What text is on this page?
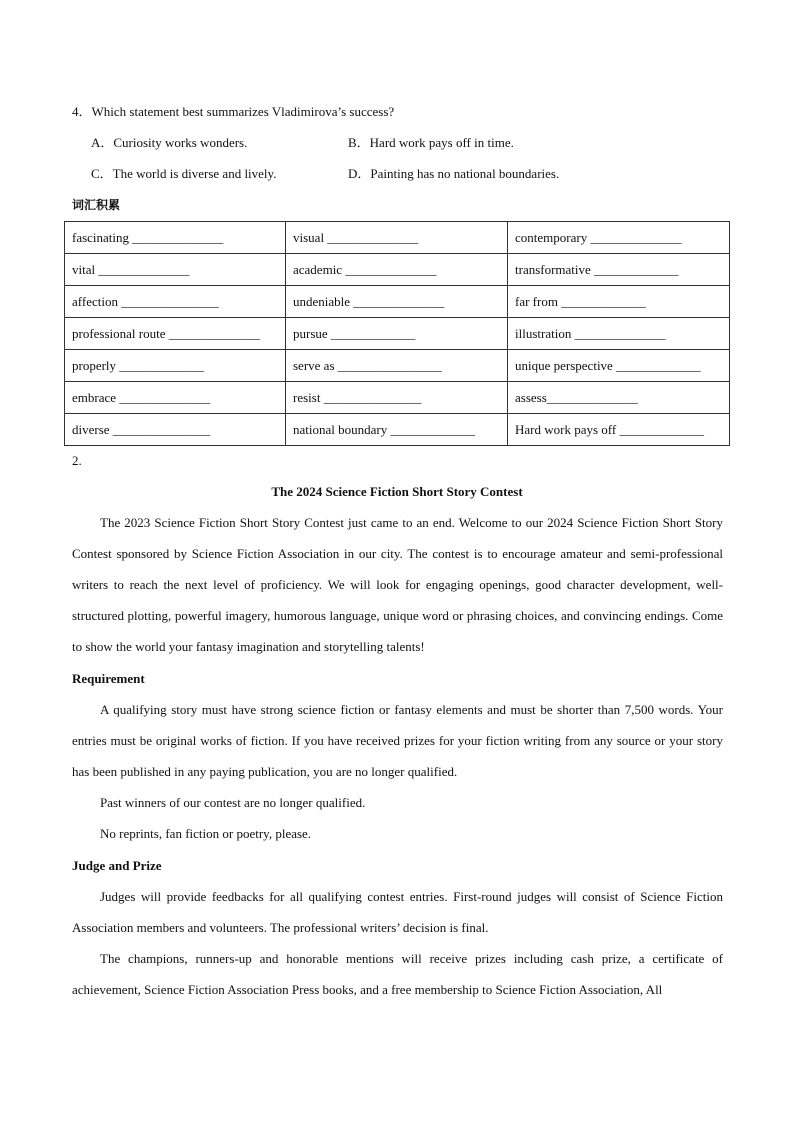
4．Which statement best summarizes Vladimirova’s success?
A．Curiosity works wonders.	B．Hard work pays off in time.
C．The world is diverse and lively.	D．Painting has no national boundaries.
词汇积累
fascinating ______________	visual ______________	contemporary ______________
vital ______________	academic ______________	transformative _____________
affection _______________	undeniable ______________	far from _____________
professional route ______________	pursue _____________	illustration ______________
properly _____________	serve as ________________	unique perspective _____________
embrace ______________	resist _______________	assess______________
diverse _______________	national boundary _____________	Hard work pays off _____________
2.
The 2024 Science Fiction Short Story Contest
The 2023 Science Fiction Short Story Contest just came to an end. Welcome to our 2024 Science Fiction Short Story Contest sponsored by Science Fiction Association in our city. The contest is to encourage amateur and semi-professional writers to reach the next level of proficiency. We will look for engaging openings, good character development, well-structured plotting, powerful imagery, humorous language, unique word or phrasing choices, and convincing endings. Come to show the world your fantasy imagination and storytelling talents!
Requirement
A qualifying story must have strong science fiction or fantasy elements and must be shorter than 7,500 words. Your entries must be original works of fiction. If you have received prizes for your fiction writing from any source or your story has been published in any paying publication, you are no longer qualified.
Past winners of our contest are no longer qualified.
No reprints, fan fiction or poetry, please.
Judge and Prize
Judges will provide feedbacks for all qualifying contest entries. First-round judges will consist of Science Fiction Association members and volunteers. The professional writers’ decision is final.
The champions, runners-up and honorable mentions will receive prizes including cash prize, a certificate of achievement, Science Fiction Association Press books, and a free membership to Science Fiction Association, All
